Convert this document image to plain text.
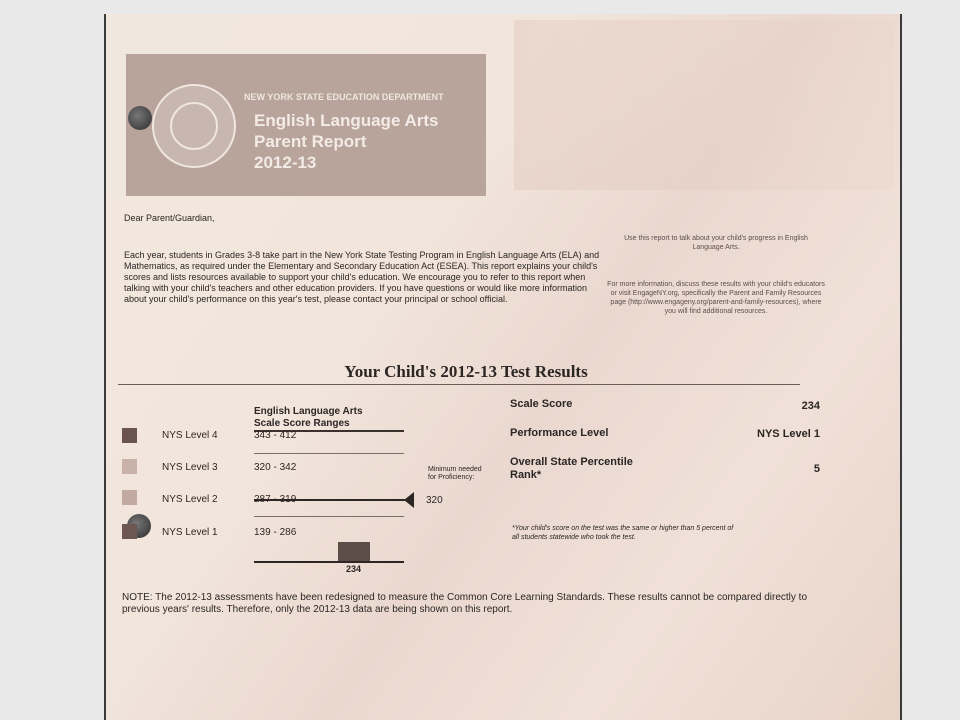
NEW YORK STATE EDUCATION DEPARTMENT
English Language Arts
Parent Report
2012-13
Dear Parent/Guardian,
Each year, students in Grades 3-8 take part in the New York State Testing Program in English Language Arts (ELA) and Mathematics, as required under the Elementary and Secondary Education Act (ESEA). This report explains your child's scores and lists resources available to support your child's education. We encourage you to refer to this report when talking with your child's teachers and other education providers. If you have questions or would like more information about your child's performance on this year's test, please contact your principal or school official.
Use this report to talk about your child's progress in English Language Arts.
For more information, discuss these results with your child's educators or visit EngageNY.org, specifically the Parent and Family Resources page (http://www.engageny.org/parent-and-family-resources), where you will find additional resources.
Your Child's 2012-13 Test Results
English Language Arts
Scale Score Ranges
NYS Level 4	343 - 412
NYS Level 3	320 - 342	Minimum needed for Proficiency:
320
NYS Level 2	287 - 319
NYS Level 1	139 - 286
234
Scale Score	234
Performance Level	NYS Level 1
Overall State Percentile Rank*	5
*Your child's score on the test was the same or higher than 5 percent of all students statewide who took the test.
NOTE: The 2012-13 assessments have been redesigned to measure the Common Core Learning Standards. These results cannot be compared directly to previous years' results. Therefore, only the 2012-13 data are being shown on this report.
